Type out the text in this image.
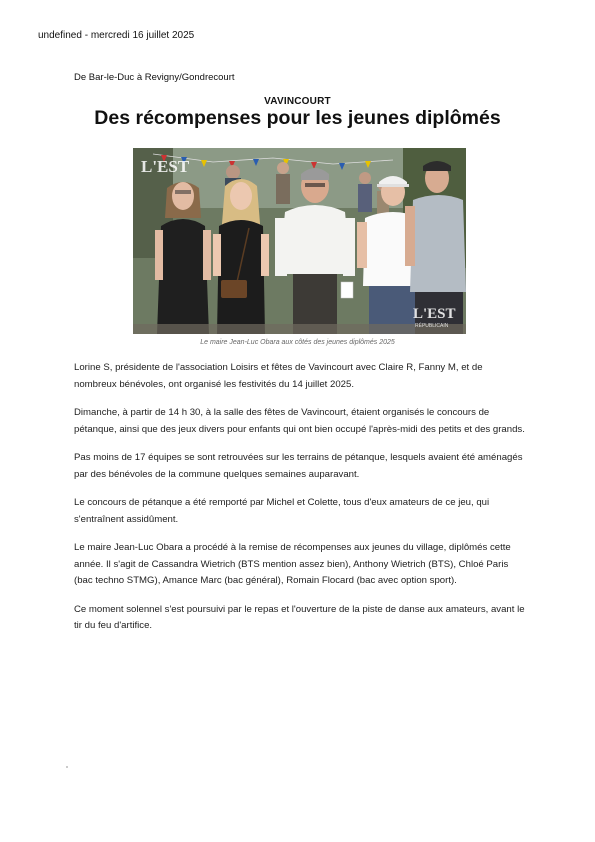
undefined - mercredi 16 juillet 2025
De Bar-le-Duc à Revigny/Gondrecourt
VAVINCOURT
Des récompenses pour les jeunes diplômés
L'EST
L'EST
RÉPUBLICAIN
Le maire Jean-Luc Obara aux côtés des jeunes diplômés 2025

Lorine S, présidente de l'association Loisirs et fêtes de Vavincourt avec Claire R, Fanny M, et de nombreux bénévoles, ont organisé les festivités du 14 juillet 2025.

Dimanche, à partir de 14 h 30, à la salle des fêtes de Vavincourt, étaient organisés le concours de pétanque, ainsi que des jeux divers pour enfants qui ont bien occupé l'après-midi des petits et des grands.

Pas moins de 17 équipes se sont retrouvées sur les terrains de pétanque, lesquels avaient été aménagés par des bénévoles de la commune quelques semaines auparavant.

Le concours de pétanque a été remporté par Michel et Colette, tous d'eux amateurs de ce jeu, qui s'entraînent assidûment.

Le maire Jean-Luc Obara a procédé à la remise de récompenses aux jeunes du village, diplômés cette année. Il s'agit de Cassandra Wietrich (BTS mention assez bien), Anthony Wietrich (BTS), Chloé Paris (bac techno STMG), Amance Marc (bac général), Romain Flocard (bac avec option sport).

Ce moment solennel s'est poursuivi par le repas et l'ouverture de la piste de danse aux amateurs, avant le tir du feu d'artifice.
